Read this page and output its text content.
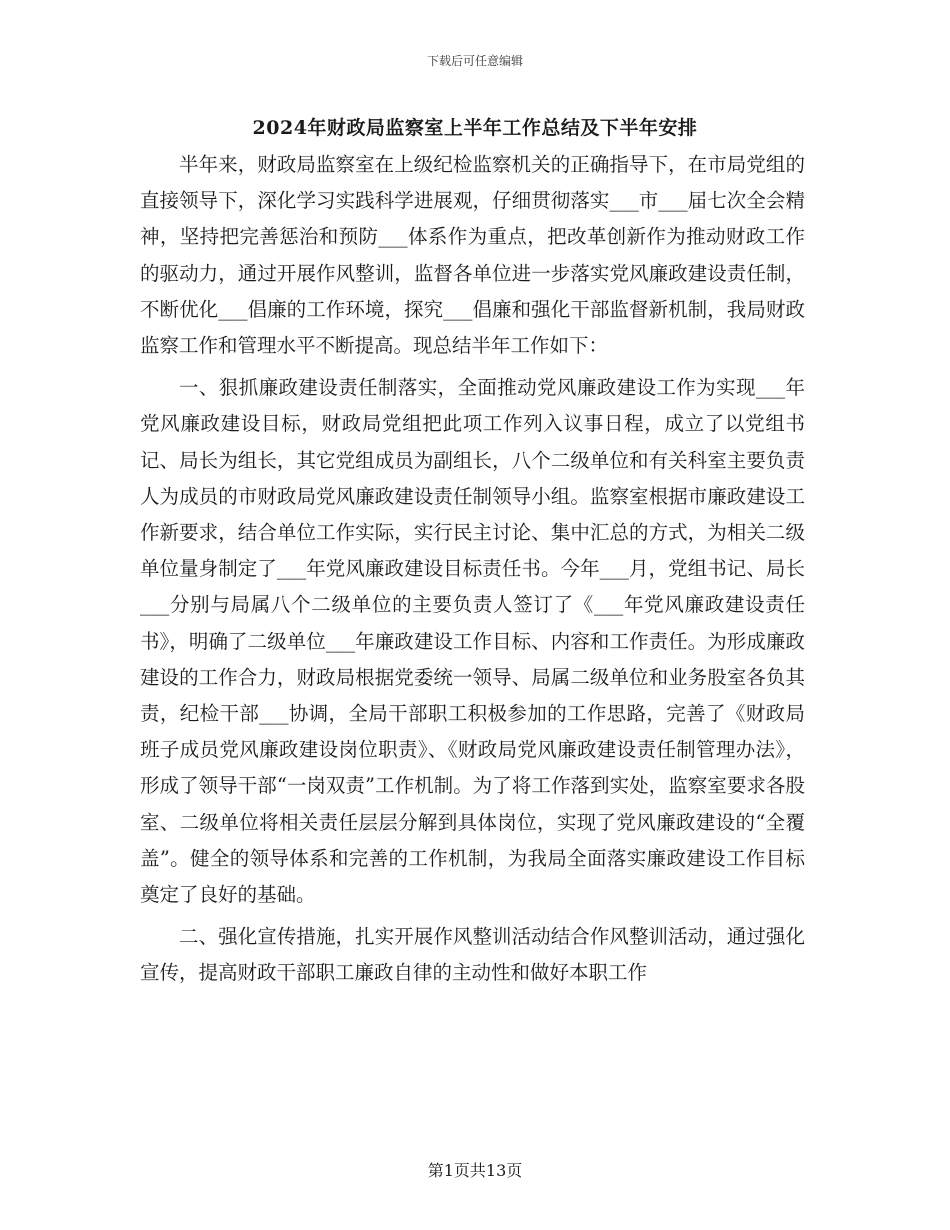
下载后可任意编辑
2024年财政局监察室上半年工作总结及下半年安排

半年来，财政局监察室在上级纪检监察机关的正确指导下，在市局党组的直接领导下，深化学习实践科学进展观，仔细贯彻落实___市___届七次全会精神，坚持把完善惩治和预防___体系作为重点，把改革创新作为推动财政工作的驱动力，通过开展作风整训，监督各单位进一步落实党风廉政建设责任制，不断优化___倡廉的工作环境，探究___倡廉和强化干部监督新机制，我局财政监察工作和管理水平不断提高。现总结半年工作如下：

一、狠抓廉政建设责任制落实，全面推动党风廉政建设工作为实现___年党风廉政建设目标，财政局党组把此项工作列入议事日程，成立了以党组书记、局长为组长，其它党组成员为副组长，八个二级单位和有关科室主要负责人为成员的市财政局党风廉政建设责任制领导小组。监察室根据市廉政建设工作新要求，结合单位工作实际，实行民主讨论、集中汇总的方式，为相关二级单位量身制定了___年党风廉政建设目标责任书。今年___月，党组书记、局长___分别与局属八个二级单位的主要负责人签订了《___年党风廉政建设责任书》，明确了二级单位___年廉政建设工作目标、内容和工作责任。为形成廉政建设的工作合力，财政局根据党委统一领导、局属二级单位和业务股室各负其责，纪检干部___协调，全局干部职工积极参加的工作思路，完善了《财政局班子成员党风廉政建设岗位职责》、《财政局党风廉政建设责任制管理办法》，形成了领导干部“一岗双责”工作机制。为了将工作落到实处，监察室要求各股室、二级单位将相关责任层层分解到具体岗位，实现了党风廉政建设的“全覆盖”。健全的领导体系和完善的工作机制，为我局全面落实廉政建设工作目标奠定了良好的基础。

二、强化宣传措施，扎实开展作风整训活动结合作风整训活动，通过强化宣传，提高财政干部职工廉政自律的主动性和做好本职工作

第1页共13页
